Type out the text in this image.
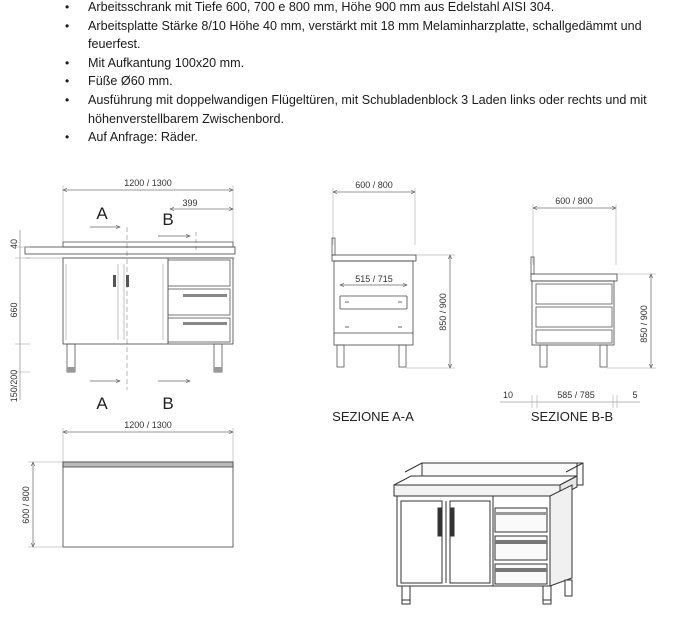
• Arbeitsschrank mit Tiefe 600, 700 e 800 mm, Höhe 900 mm aus Edelstahl AISI 304.
• Arbeitsplatte Stärke 8/10 Höhe 40 mm, verstärkt mit 18 mm Melaminharzplatte, schallgedämmt und feuerfest.
• Mit Aufkantung 100x20 mm.
• Füße Ø60 mm.
• Ausführung mit doppelwandigen Flügeltüren, mit Schubladenblock 3 Laden links oder rechts und mit höhenverstellbarem Zwischenbord.
• Auf Anfrage: Räder.
1200 / 1300
399
A	B
A	B
40
660
150/200
600 / 800
515 / 715
850 / 900
SEZIONE A-A
600 / 800
850 / 900
10	585 / 785	5
SEZIONE B-B
1200 / 1300
600 / 800
